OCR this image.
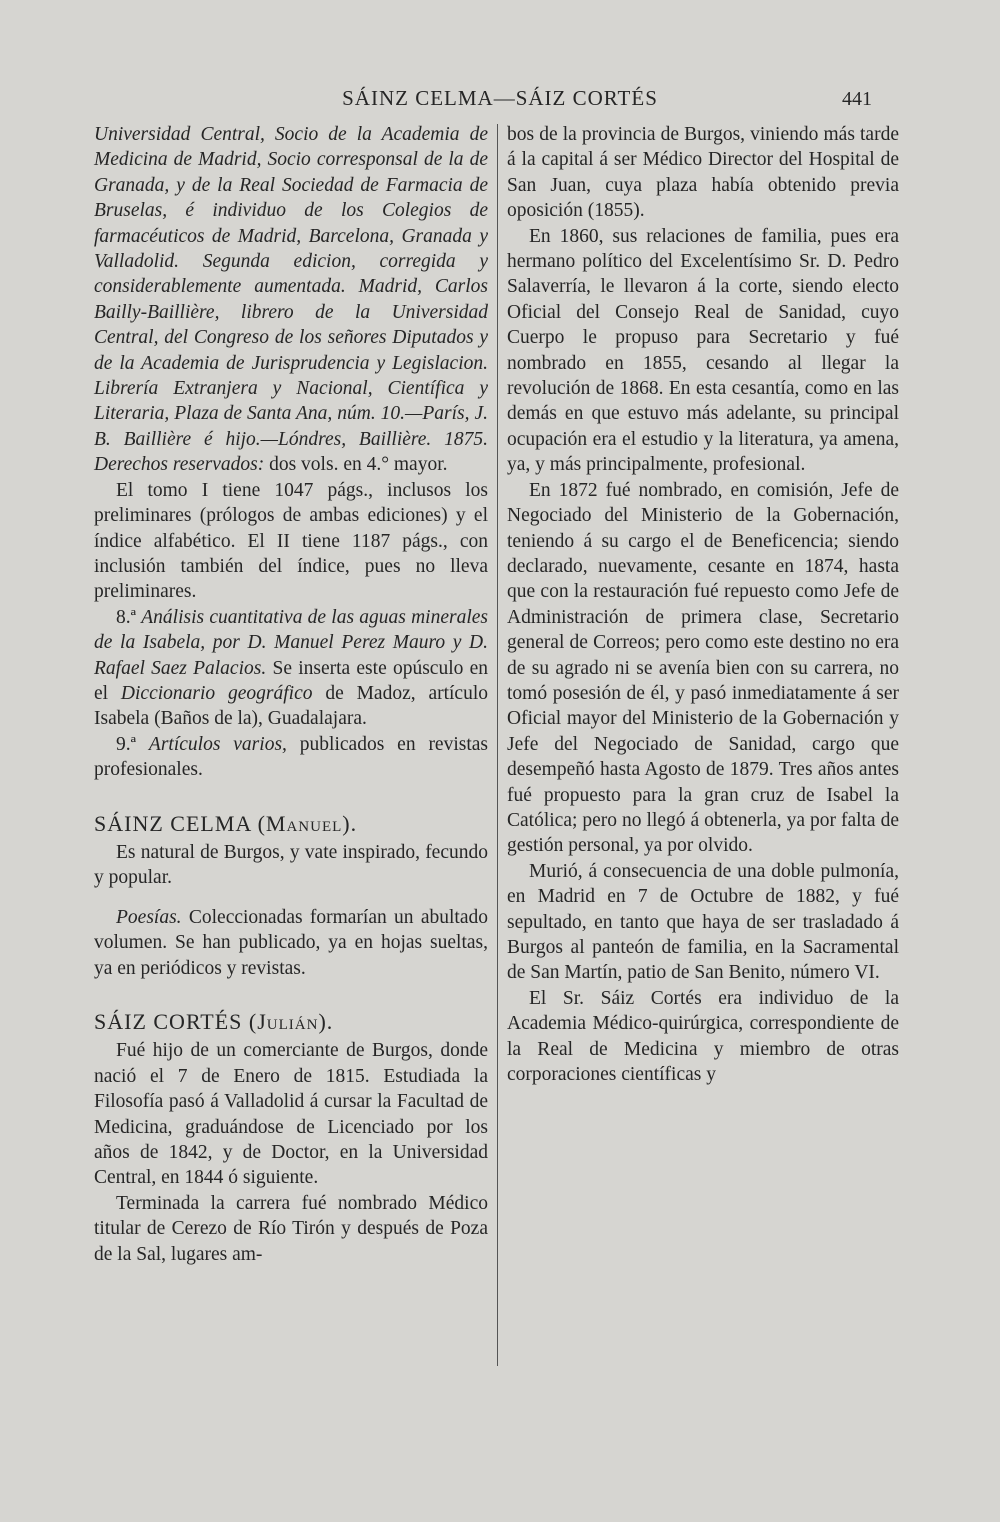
SÁINZ CELMA—SÁIZ CORTÉS	441

Universidad Central, Socio de la Academia de Medicina de Madrid, Socio corresponsal de la de Granada, y de la Real Sociedad de Farmacia de Bruselas, é individuo de los Colegios de farmacéuticos de Madrid, Barcelona, Granada y Valladolid. Segunda edicion, corregida y considerablemente aumentada. Madrid, Carlos Bailly-Baillière, librero de la Universidad Central, del Congreso de los señores Diputados y de la Academia de Jurisprudencia y Legislacion. Librería Extranjera y Nacional, Científica y Literaria, Plaza de Santa Ana, núm. 10.—París, J. B. Baillière é hijo.—Lóndres, Baillière. 1875. Derechos reservados: dos vols. en 4.° mayor.

El tomo I tiene 1047 págs., inclusos los preliminares (prólogos de ambas ediciones) y el índice alfabético. El II tiene 1187 págs., con inclusión también del índice, pues no lleva preliminares.

8.ª Análisis cuantitativa de las aguas minerales de la Isabela, por D. Manuel Perez Mauro y D. Rafael Saez Palacios. Se inserta este opúsculo en el Diccionario geográfico de Madoz, artículo Isabela (Baños de la), Guadalajara.

9.ª Artículos varios, publicados en revistas profesionales.

SÁINZ CELMA (Manuel).

Es natural de Burgos, y vate inspirado, fecundo y popular.

Poesías. Coleccionadas formarían un abultado volumen. Se han publicado, ya en hojas sueltas, ya en periódicos y revistas.

SÁIZ CORTÉS (Julián).

Fué hijo de un comerciante de Burgos, donde nació el 7 de Enero de 1815. Estudiada la Filosofía pasó á Valladolid á cursar la Facultad de Medicina, graduándose de Licenciado por los años de 1842, y de Doctor, en la Universidad Central, en 1844 ó siguiente.

Terminada la carrera fué nombrado Médico titular de Cerezo de Río Tirón y después de Poza de la Sal, lugares am-

bos de la provincia de Burgos, viniendo más tarde á la capital á ser Médico Director del Hospital de San Juan, cuya plaza había obtenido previa oposición (1855).

En 1860, sus relaciones de familia, pues era hermano político del Excelentísimo Sr. D. Pedro Salaverría, le llevaron á la corte, siendo electo Oficial del Consejo Real de Sanidad, cuyo Cuerpo le propuso para Secretario y fué nombrado en 1855, cesando al llegar la revolución de 1868. En esta cesantía, como en las demás en que estuvo más adelante, su principal ocupación era el estudio y la literatura, ya amena, ya, y más principalmente, profesional.

En 1872 fué nombrado, en comisión, Jefe de Negociado del Ministerio de la Gobernación, teniendo á su cargo el de Beneficencia; siendo declarado, nuevamente, cesante en 1874, hasta que con la restauración fué repuesto como Jefe de Administración de primera clase, Secretario general de Correos; pero como este destino no era de su agrado ni se avenía bien con su carrera, no tomó posesión de él, y pasó inmediatamente á ser Oficial mayor del Ministerio de la Gobernación y Jefe del Negociado de Sanidad, cargo que desempeñó hasta Agosto de 1879. Tres años antes fué propuesto para la gran cruz de Isabel la Católica; pero no llegó á obtenerla, ya por falta de gestión personal, ya por olvido.

Murió, á consecuencia de una doble pulmonía, en Madrid en 7 de Octubre de 1882, y fué sepultado, en tanto que haya de ser trasladado á Burgos al panteón de familia, en la Sacramental de San Martín, patio de San Benito, número VI.

El Sr. Sáiz Cortés era individuo de la Academia Médico-quirúrgica, correspondiente de la Real de Medicina y miembro de otras corporaciones científicas y
